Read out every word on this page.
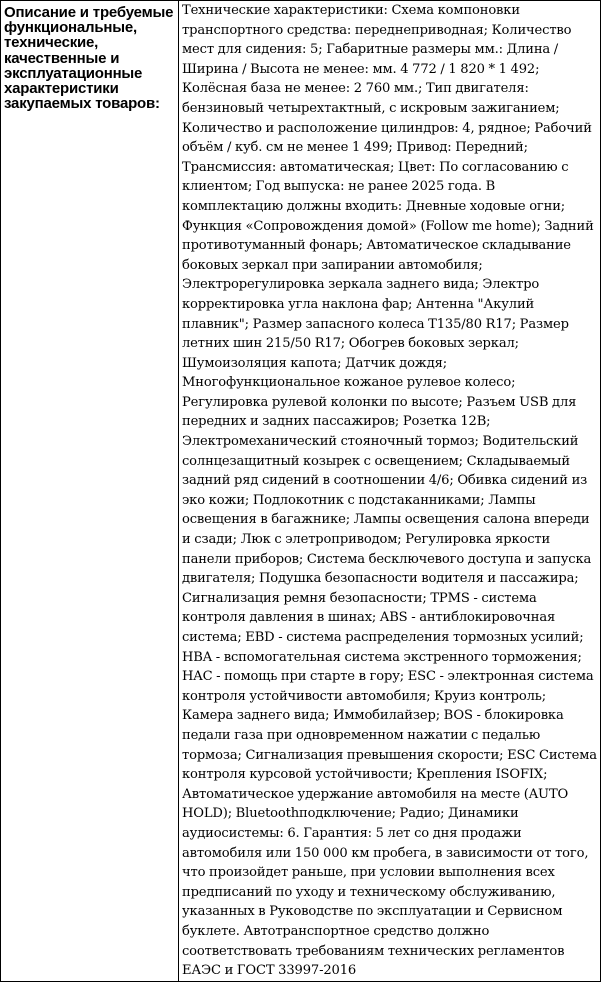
Описание и требуемые функциональные, технические, качественные и эксплуатационные характеристики закупаемых товаров:

Технические характеристики: Схема компоновки транспортного средства: переднеприводная; Количество мест для сидения: 5; Габаритные размеры мм.: Длина / Ширина / Высота не менее: мм. 4 772 / 1 820 * 1 492; Колёсная база не менее: 2 760 мм.; Тип двигателя: бензиновый четырехтактный, с искровым зажиганием; Количество и расположение цилиндров: 4, рядное; Рабочий объём / куб. см не менее 1 499; Привод: Передний; Трансмиссия: автоматическая; Цвет: По согласованию с клиентом; Год выпуска: не ранее 2025 года. В комплектацию должны входить: Дневные ходовые огни; Функция «Сопровождения домой» (Follow me home); Задний противотуманный фонарь; Автоматическое складывание боковых зеркал при запирании автомобиля; Электрорегулировка зеркала заднего вида; Электро корректировка угла наклона фар; Антенна "Акулий плавник"; Размер запасного колеса T135/80 R17; Размер летних шин 215/50 R17; Обогрев боковых зеркал; Шумоизоляция капота; Датчик дождя; Многофункциональное кожаное рулевое колесо; Регулировка рулевой колонки по высоте; Разъем USB для передних и задних пассажиров; Розетка 12В; Электромеханический стояночный тормоз; Водительский солнцезащитный козырек с освещением; Складываемый задний ряд сидений в соотношении 4/6; Обивка сидений из эко кожи; Подлокотник с подстаканниками; Лампы освещения в багажнике; Лампы освещения салона впереди и сзади; Люк с элетроприводом; Регулировка яркости панели приборов; Система бесключевого доступа и запуска двигателя; Подушка безопасности водителя и пассажира; Сигнализация ремня безопасности; TPMS - система контроля давления в шинах; ABS - антиблокировочная система; EBD - система распределения тормозных усилий; HBA - вспомогательная система экстренного торможения; HAC - помощь при старте в гору; ESC - электронная система контроля устойчивости автомобиля; Круиз контроль; Камера заднего вида; Иммобилайзер; BOS - блокировка педали газа при одновременном нажатии с педалью тормоза; Сигнализация превышения скорости; ESC Система контроля курсовой устойчивости; Крепления ISOFIX; Автоматическое удержание автомобиля на месте (AUTO HOLD); Bluetoothподключение; Радио; Динамики аудиосистемы: 6. Гарантия: 5 лет со дня продажи автомобиля или 150 000 км пробега, в зависимости от того, что произойдет раньше, при условии выполнения всех предписаний по уходу и техническому обслуживанию, указанных в Руководстве по эксплуатации и Сервисном буклете. Автотранспортное средство должно соответствовать требованиям технических регламентов ЕАЭС и ГОСТ 33997-2016
